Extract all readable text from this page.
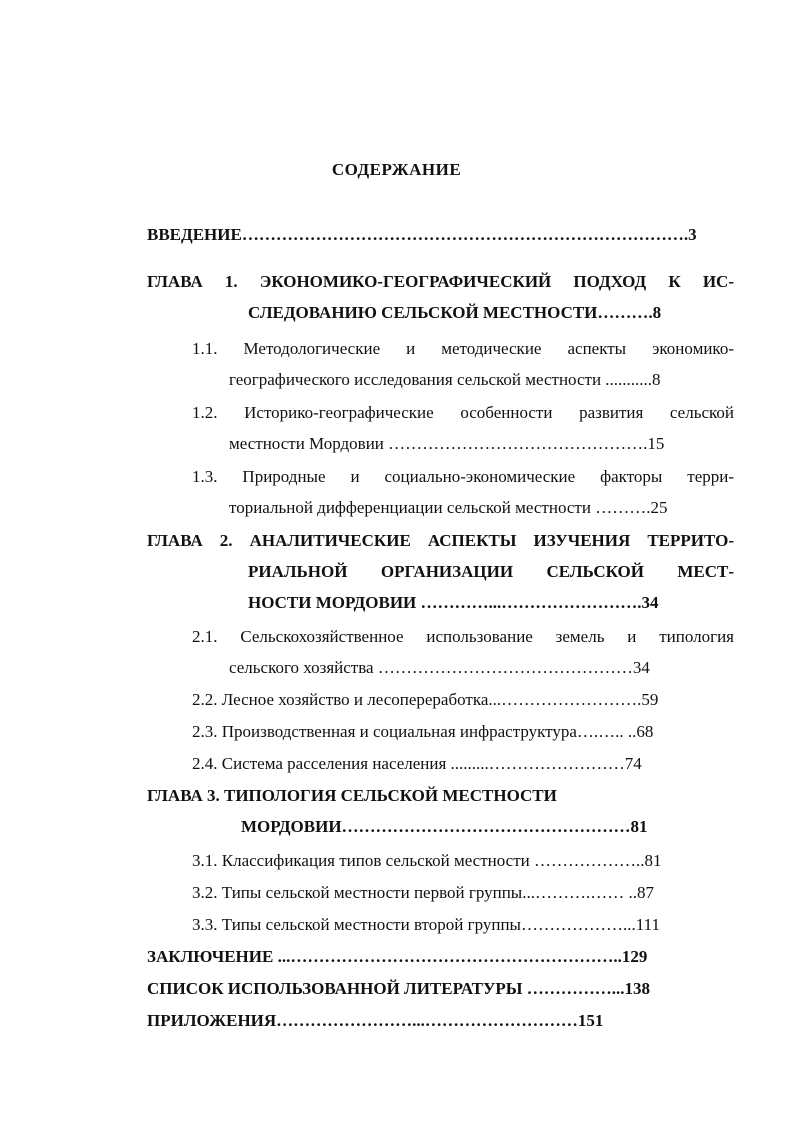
СОДЕРЖАНИЕ
ВВЕДЕНИЕ…………………………………………………………………….3
ГЛАВА 1. ЭКОНОМИКО-ГЕОГРАФИЧЕСКИЙ ПОДХОД К ИС-
СЛЕДОВАНИЮ СЕЛЬСКОЙ МЕСТНОСТИ……….8
1.1. Методологические и методические аспекты экономико-
географического исследования сельской местности ...........8
1.2. Историко-географические особенности развития сельской
местности Мордовии ……………………………………….15
1.3. Природные и социально-экономические факторы терри-
ториальной дифференциации сельской местности ……….25
ГЛАВА 2. АНАЛИТИЧЕСКИЕ АСПЕКТЫ ИЗУЧЕНИЯ ТЕРРИТО-
РИАЛЬНОЙ ОРГАНИЗАЦИИ СЕЛЬСКОЙ МЕСТ-
НОСТИ МОРДОВИИ …………...…………………….34
2.1. Сельскохозяйственное использование земель и типология
сельского хозяйства ………………………………………34
2.2. Лесное хозяйство и лесопереработка...…………………….59
2.3. Производственная и социальная инфраструктура….….. ..68
2.4. Система расселения населения .........……………………74
ГЛАВА 3. ТИПОЛОГИЯ СЕЛЬСКОЙ МЕСТНОСТИ
МОРДОВИИ……………………………………………81
3.1. Классификация типов сельской местности ………………..81
3.2. Типы сельской местности первой группы...……….…… ..87
3.3. Типы сельской местности второй группы………………...111
ЗАКЛЮЧЕНИЕ ...…………………………………………………..129
СПИСОК ИСПОЛЬЗОВАННОЙ ЛИТЕРАТУРЫ ……………...138
ПРИЛОЖЕНИЯ……………………...………………………151
